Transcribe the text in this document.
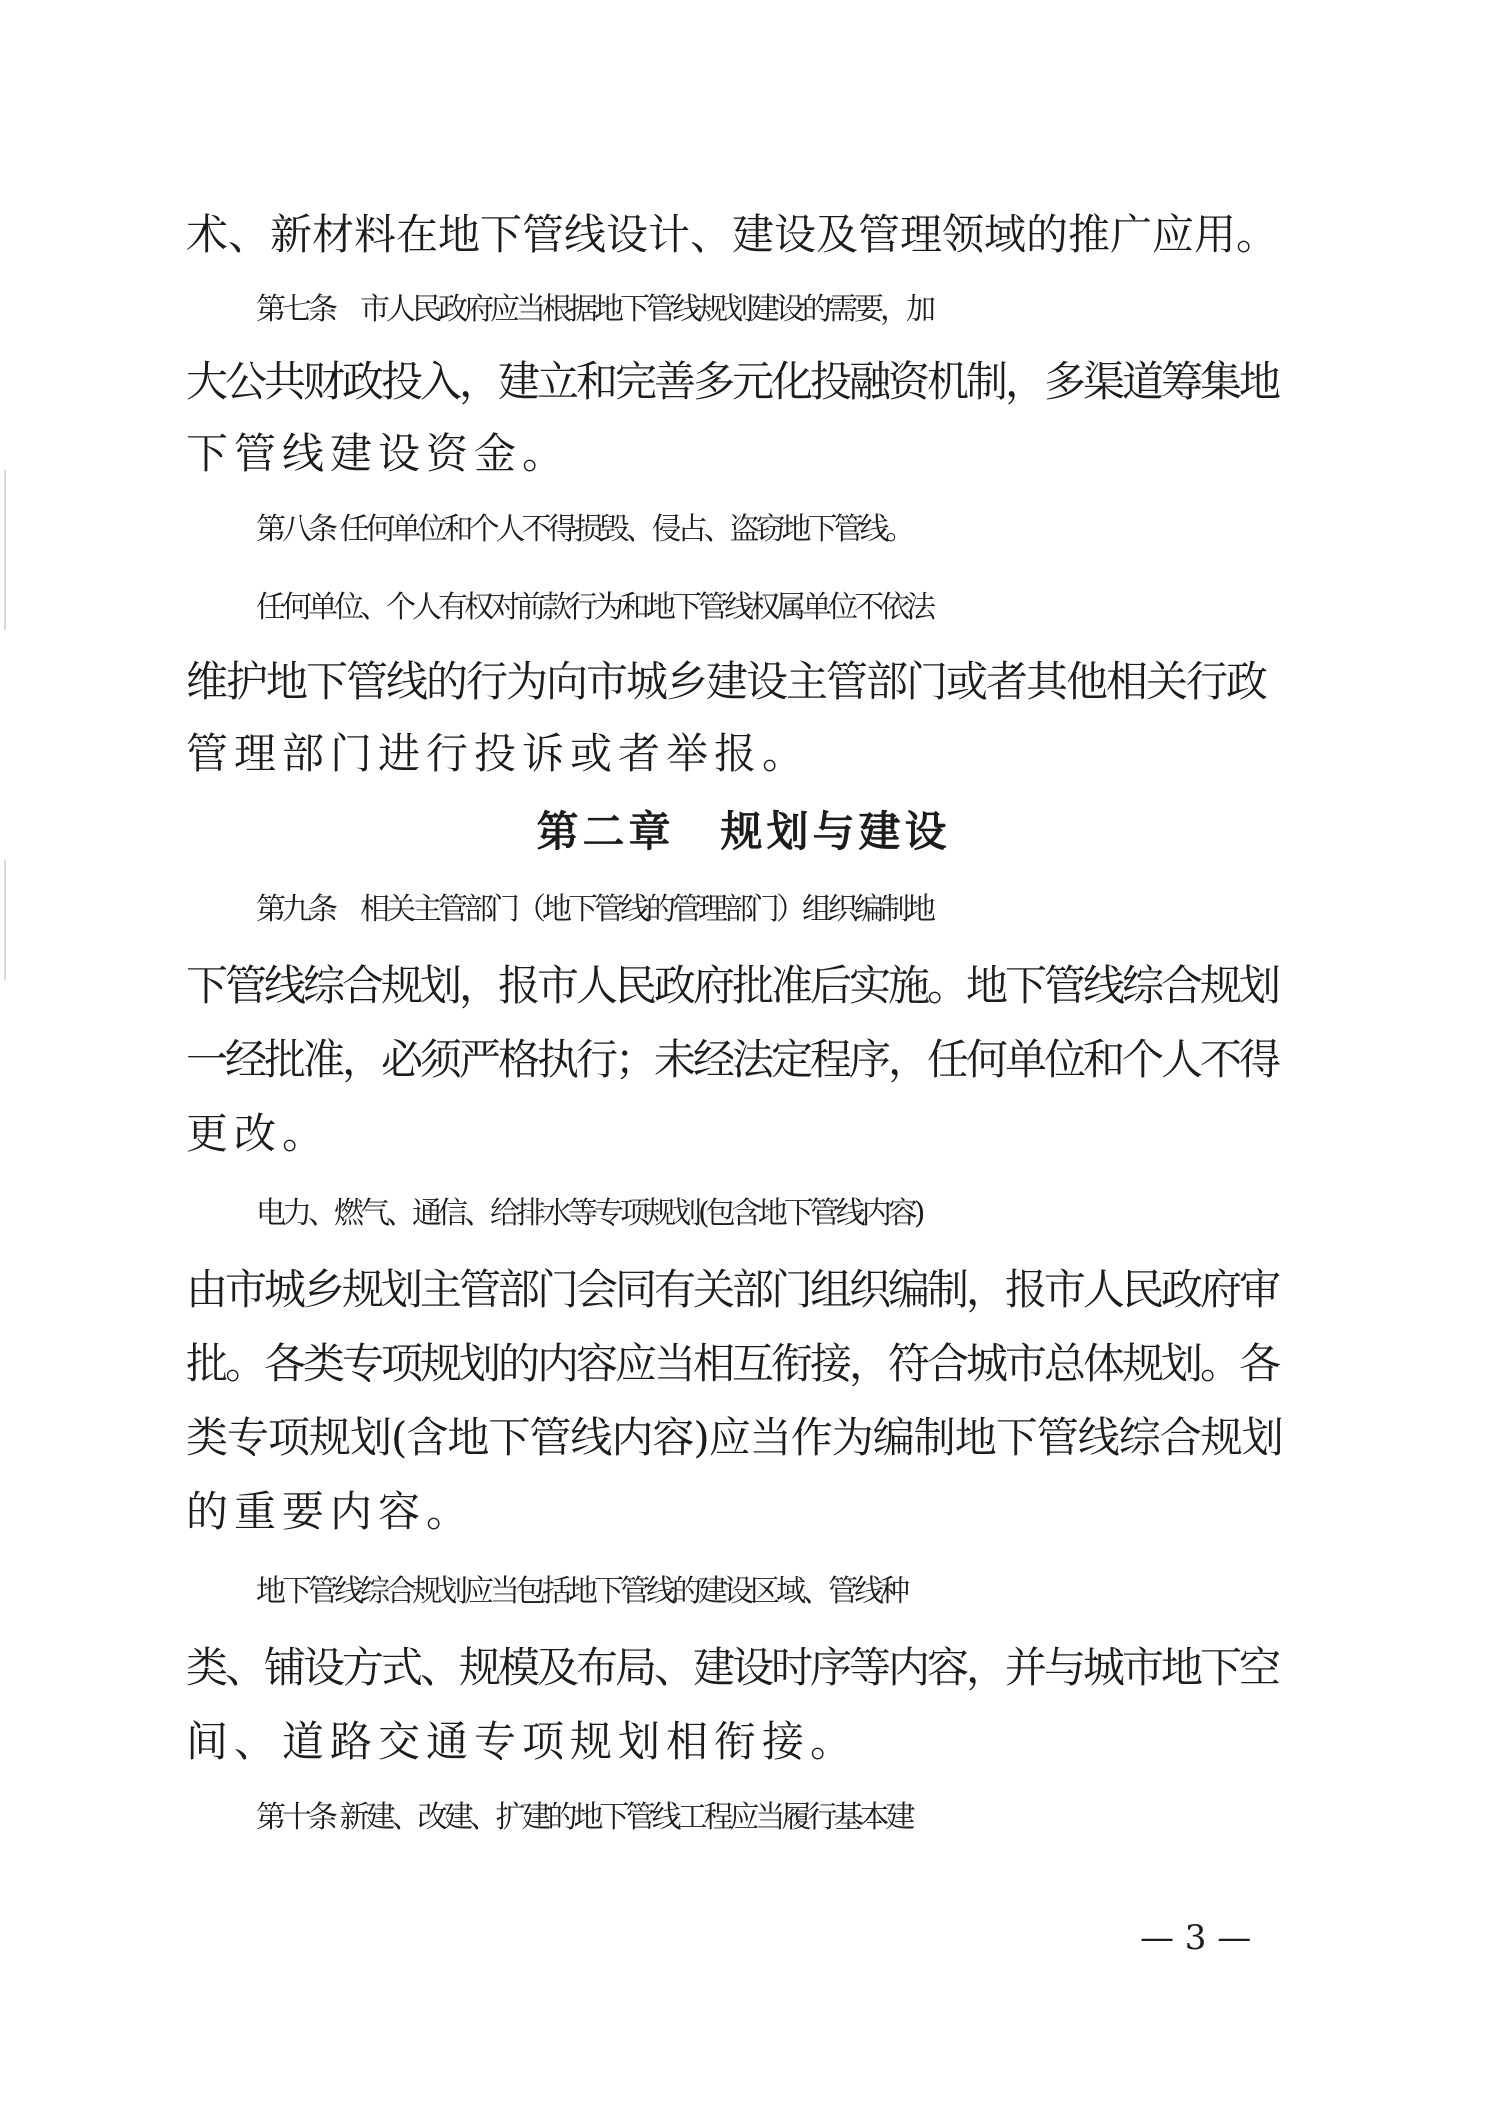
术、新材料在地下管线设计、建设及管理领域的推广应用。
第七条　市人民政府应当根据地下管线规划建设的需要，加
大公共财政投入，建立和完善多元化投融资机制，多渠道筹集地
下管线建设资金。
第八条 任何单位和个人不得损毁、侵占、盗窃地下管线。
任何单位、个人有权对前款行为和地下管线权属单位不依法
维护地下管线的行为向市城乡建设主管部门或者其他相关行政
管理部门进行投诉或者举报。
第二章　规划与建设
第九条　相关主管部门（地下管线的管理部门）组织编制地
下管线综合规划，报市人民政府批准后实施。地下管线综合规划
一经批准，必须严格执行；未经法定程序，任何单位和个人不得
更改。
电力、燃气、通信、给排水等专项规划(包含地下管线内容)
由市城乡规划主管部门会同有关部门组织编制，报市人民政府审
批。各类专项规划的内容应当相互衔接，符合城市总体规划。各
类专项规划(含地下管线内容)应当作为编制地下管线综合规划
的重要内容。
地下管线综合规划应当包括地下管线的建设区域、管线种
类、铺设方式、规模及布局、建设时序等内容，并与城市地下空
间、道路交通专项规划相衔接。
第十条 新建、改建、扩建的地下管线工程应当履行基本建
— 3 —
